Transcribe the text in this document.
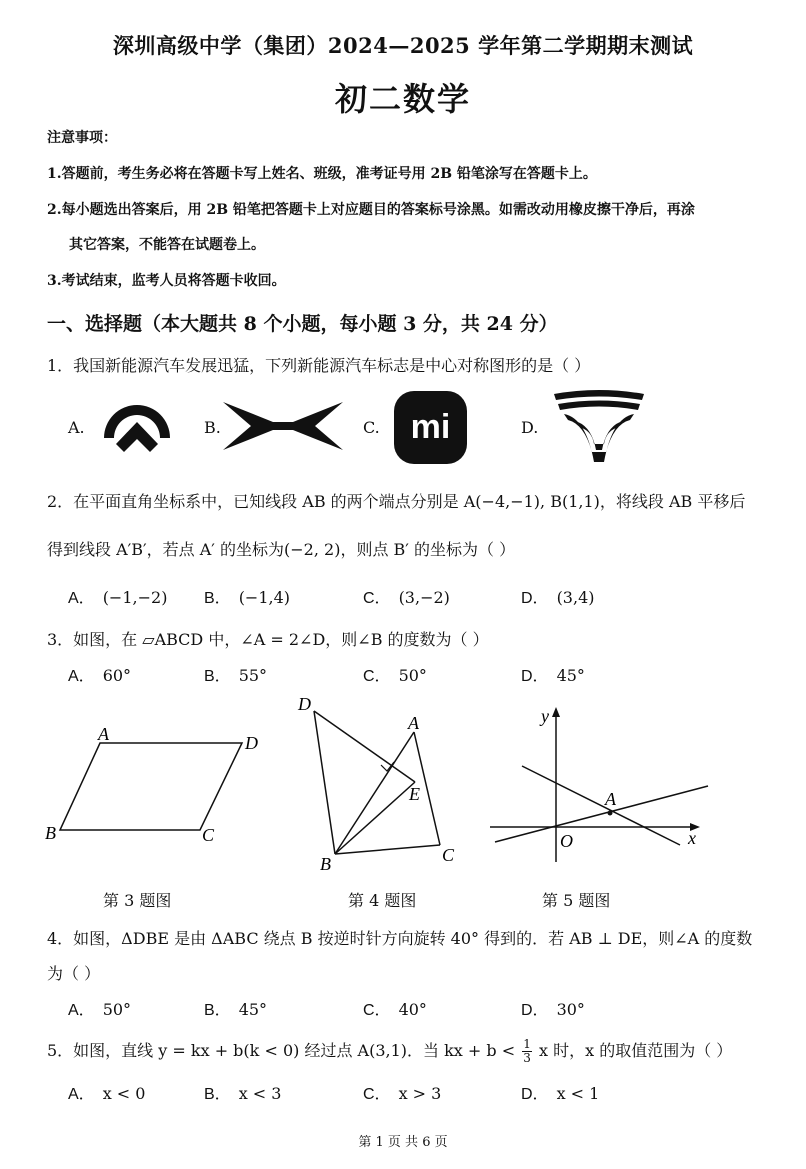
深圳高级中学（集团）2024—2025 学年第二学期期末测试
初二数学
注意事项：
1.答题前，考生务必将在答题卡写上姓名、班级，准考证号用 2B 铅笔涂写在答题卡上。
2.每小题选出答案后，用 2B 铅笔把答题卡上对应题目的答案标号涂黑。如需改动用橡皮擦干净后，再涂
其它答案，不能答在试题卷上。
3.考试结束，监考人员将答题卡收回。
一、选择题（本大题共 8 个小题，每小题 3 分，共 24 分）
1．我国新能源汽车发展迅猛，下列新能源汽车标志是中心对称图形的是（ ）
A.	B.	C. mi	D.
2．在平面直角坐标系中，已知线段 AB 的两个端点分别是 A(−4,−1), B(1,1)，将线段 AB 平移后
得到线段 A′B′，若点 A′ 的坐标为(−2, 2)，则点 B′ 的坐标为（ ）
A． (−1,−2) B． (−1,4)	C． (3,−2)	D． (3,4)
3．如图，在 ▱ABCD 中，∠A = 2∠D，则∠B 的度数为（ ）
A． 60°	B． 55°	C． 50°	D． 45°
A	D
B	C
D
A
E
B	C
y
x
O
A
第 3 题图	第 4 题图	第 5 题图
4．如图，ΔDBE 是由 ΔABC 绕点 B 按逆时针方向旋转 40° 得到的．若 AB ⊥ DE，则∠A 的度数
为（ ）
A． 50°	B． 45°	C． 40°	D． 30°
5．如图，直线 y = kx + b(k < 0) 经过点 A(3,1)．当 kx + $b < \frac{1}{3}$ x 时，x 的取值范围为（ ）
A． x < 0	B． x < 3	C． x > 3	D． x < 1
第 1 页 共 6 页
